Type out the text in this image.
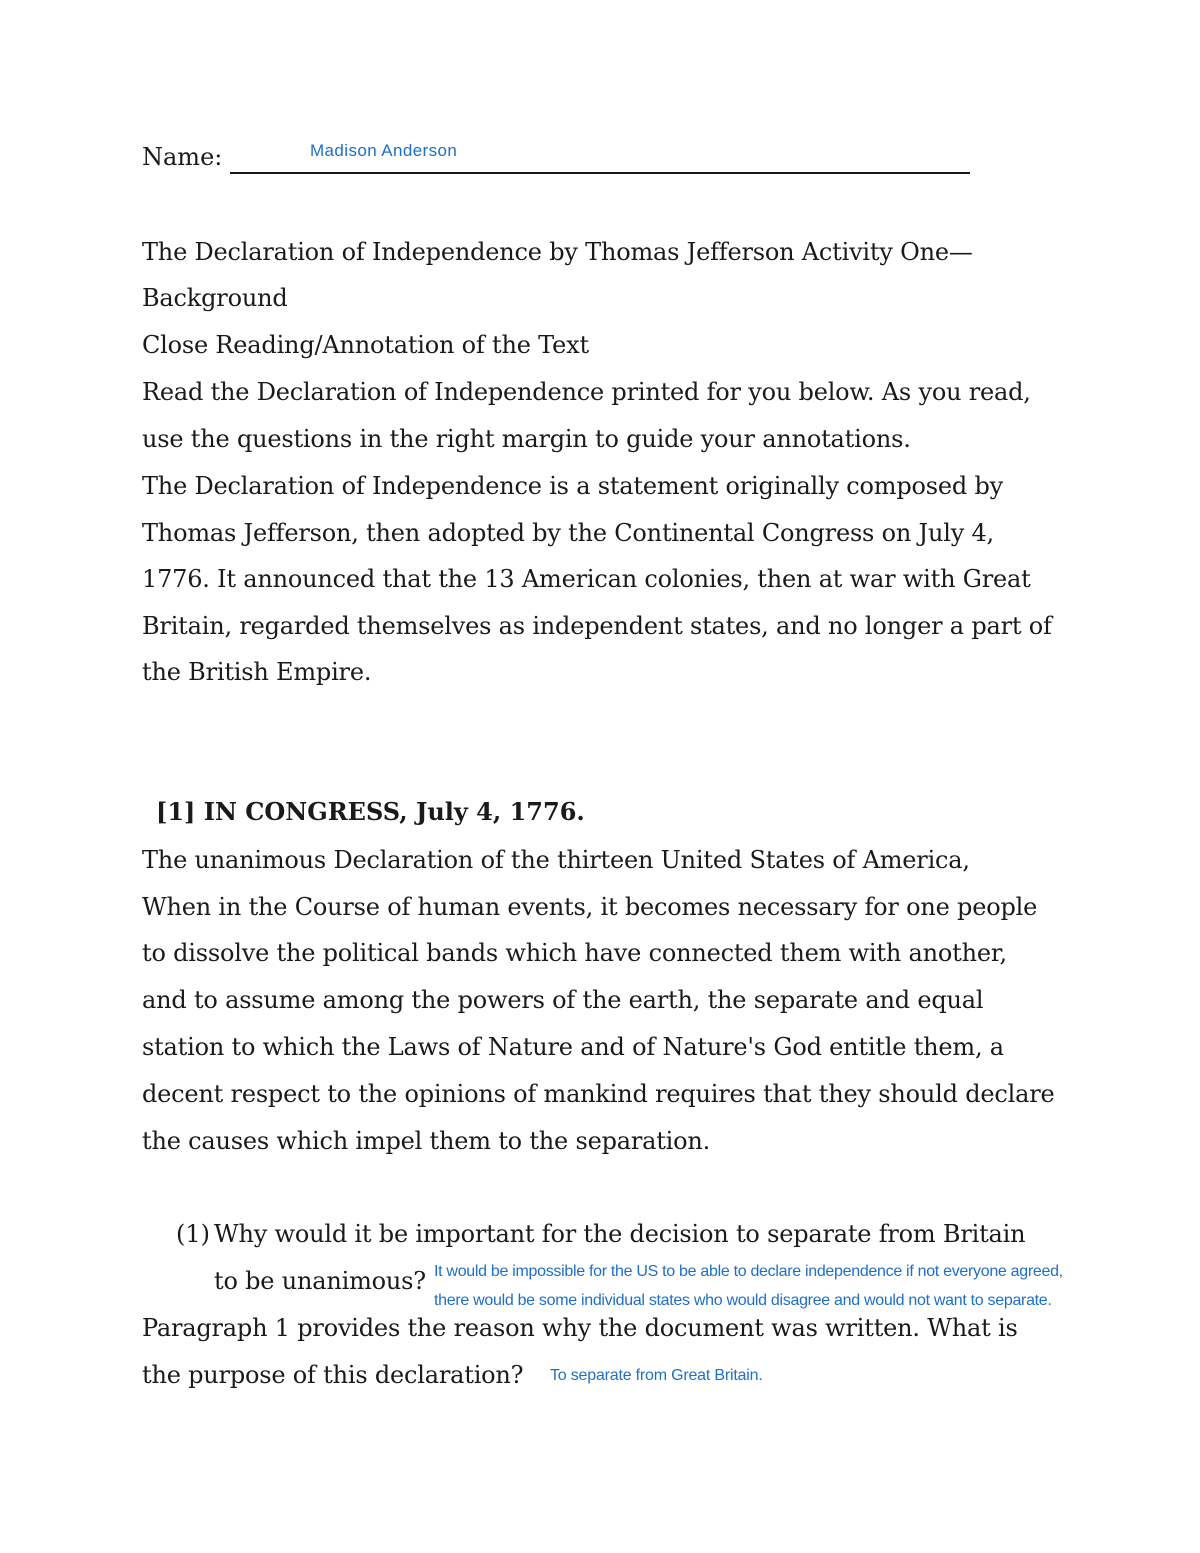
Name:	Madison Anderson
The Declaration of Independence by Thomas Jefferson Activity One—
Background
Close Reading/Annotation of the Text
Read the Declaration of Independence printed for you below. As you read,
use the questions in the right margin to guide your annotations.
The Declaration of Independence is a statement originally composed by
Thomas Jefferson, then adopted by the Continental Congress on July 4,
1776. It announced that the 13 American colonies, then at war with Great
Britain, regarded themselves as independent states, and no longer a part of
the British Empire.
[1] IN CONGRESS, July 4, 1776.
The unanimous Declaration of the thirteen United States of America,
When in the Course of human events, it becomes necessary for one people
to dissolve the political bands which have connected them with another,
and to assume among the powers of the earth, the separate and equal
station to which the Laws of Nature and of Nature's God entitle them, a
decent respect to the opinions of mankind requires that they should declare
the causes which impel them to the separation.
(1) Why would it be important for the decision to separate from Britain
to be unanimous? It would be impossible for the US to be able to declare independence if not everyone agreed,
there would be some individual states who would disagree and would not want to separate.
Paragraph 1 provides the reason why the document was written. What is
the purpose of this declaration? To separate from Great Britain.
